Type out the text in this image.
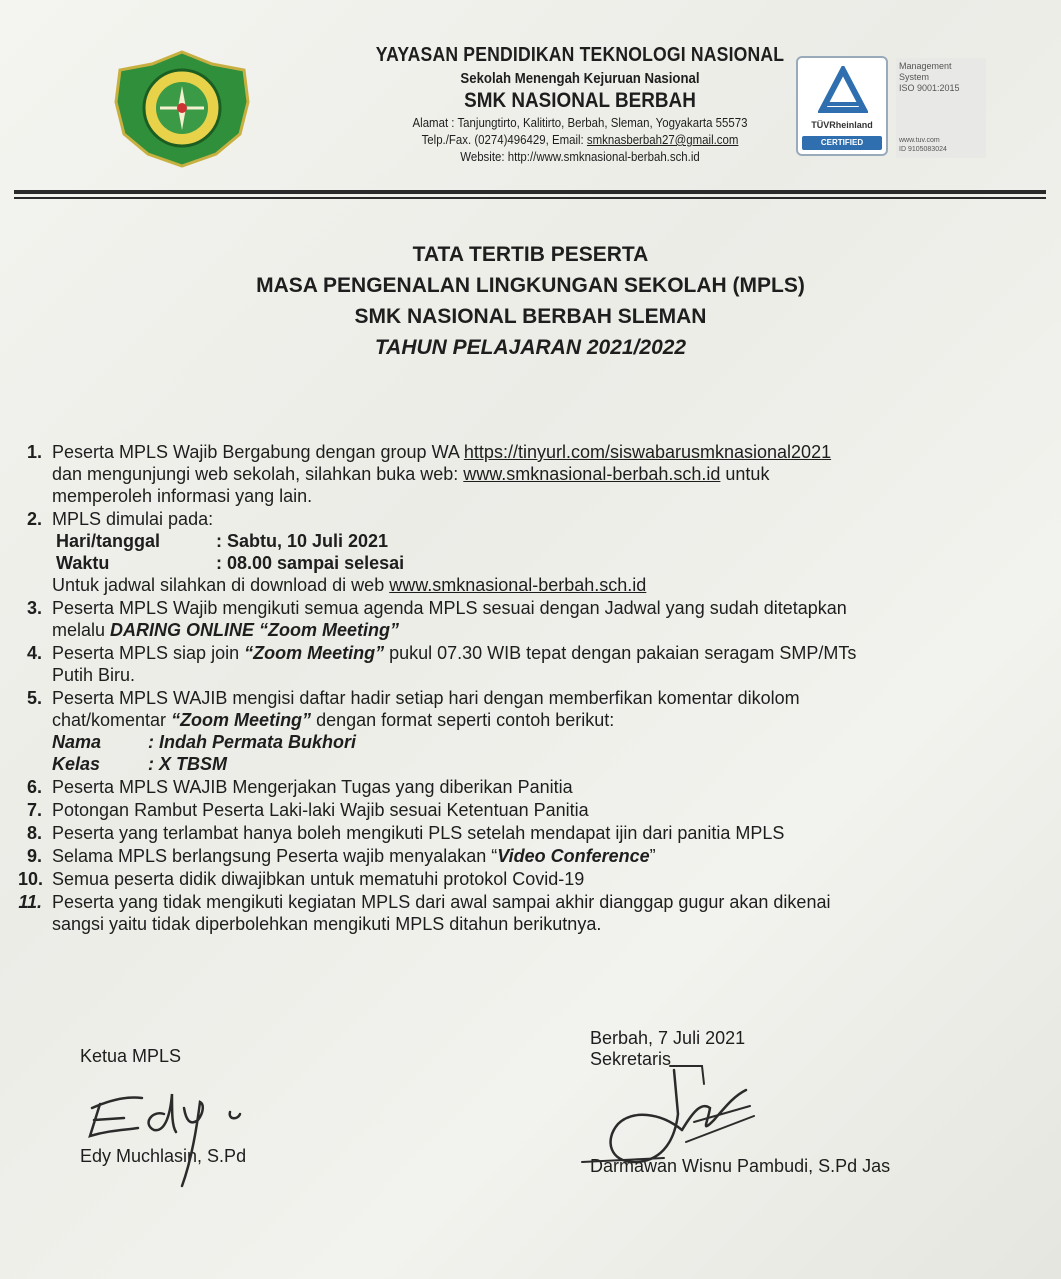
YAYASAN PENDIDIKAN TEKNOLOGI NASIONAL
Sekolah Menengah Kejuruan Nasional
SMK NASIONAL BERBAH
Alamat : Tanjungtirto, Kalitirto, Berbah, Sleman, Yogyakarta 55573
Telp./Fax. (0274)496429, Email: smknasberbah27@gmail.com
Website: http://www.smknasional-berbah.sch.id
TÜVRheinland
CERTIFIED
Management
System
ISO 9001:2015
www.tuv.com
ID 9105083024
TATA TERTIB PESERTA
MASA PENGENALAN LINGKUNGAN SEKOLAH (MPLS)
SMK NASIONAL BERBAH SLEMAN
TAHUN PELAJARAN 2021/2022
1. Peserta MPLS Wajib Bergabung dengan group WA https://tinyurl.com/siswabarusmknasional2021
dan mengunjungi web sekolah, silahkan buka web: www.smknasional-berbah.sch.id untuk
memperoleh informasi yang lain.
2. MPLS dimulai pada:
Hari/tanggal	: Sabtu, 10 Juli 2021
Waktu	: 08.00 sampai selesai
Untuk jadwal silahkan di download di web www.smknasional-berbah.sch.id
3. Peserta MPLS Wajib mengikuti semua agenda MPLS sesuai dengan Jadwal yang sudah ditetapkan
melalu DARING ONLINE “Zoom Meeting”
4. Peserta MPLS siap join “Zoom Meeting” pukul 07.30 WIB tepat dengan pakaian seragam SMP/MTs
Putih Biru.
5. Peserta MPLS WAJIB mengisi daftar hadir setiap hari dengan memberfikan komentar dikolom
chat/komentar “Zoom Meeting” dengan format seperti contoh berikut:
Nama	: Indah Permata Bukhori
Kelas	: X TBSM
6. Peserta MPLS WAJIB Mengerjakan Tugas yang diberikan Panitia
7. Potongan Rambut Peserta Laki-laki Wajib sesuai Ketentuan Panitia
8. Peserta yang terlambat hanya boleh mengikuti PLS setelah mendapat ijin dari panitia MPLS
9. Selama MPLS berlangsung Peserta wajib menyalakan “Video Conference”
10. Semua peserta didik diwajibkan untuk mematuhi protokol Covid-19
11. Peserta yang tidak mengikuti kegiatan MPLS dari awal sampai akhir dianggap gugur akan dikenai
sangsi yaitu tidak diperbolehkan mengikuti MPLS ditahun berikutnya.
Ketua MPLS
Edy Muchlasin, S.Pd
Berbah, 7 Juli 2021
Sekretaris
Darmawan Wisnu Pambudi, S.Pd Jas
